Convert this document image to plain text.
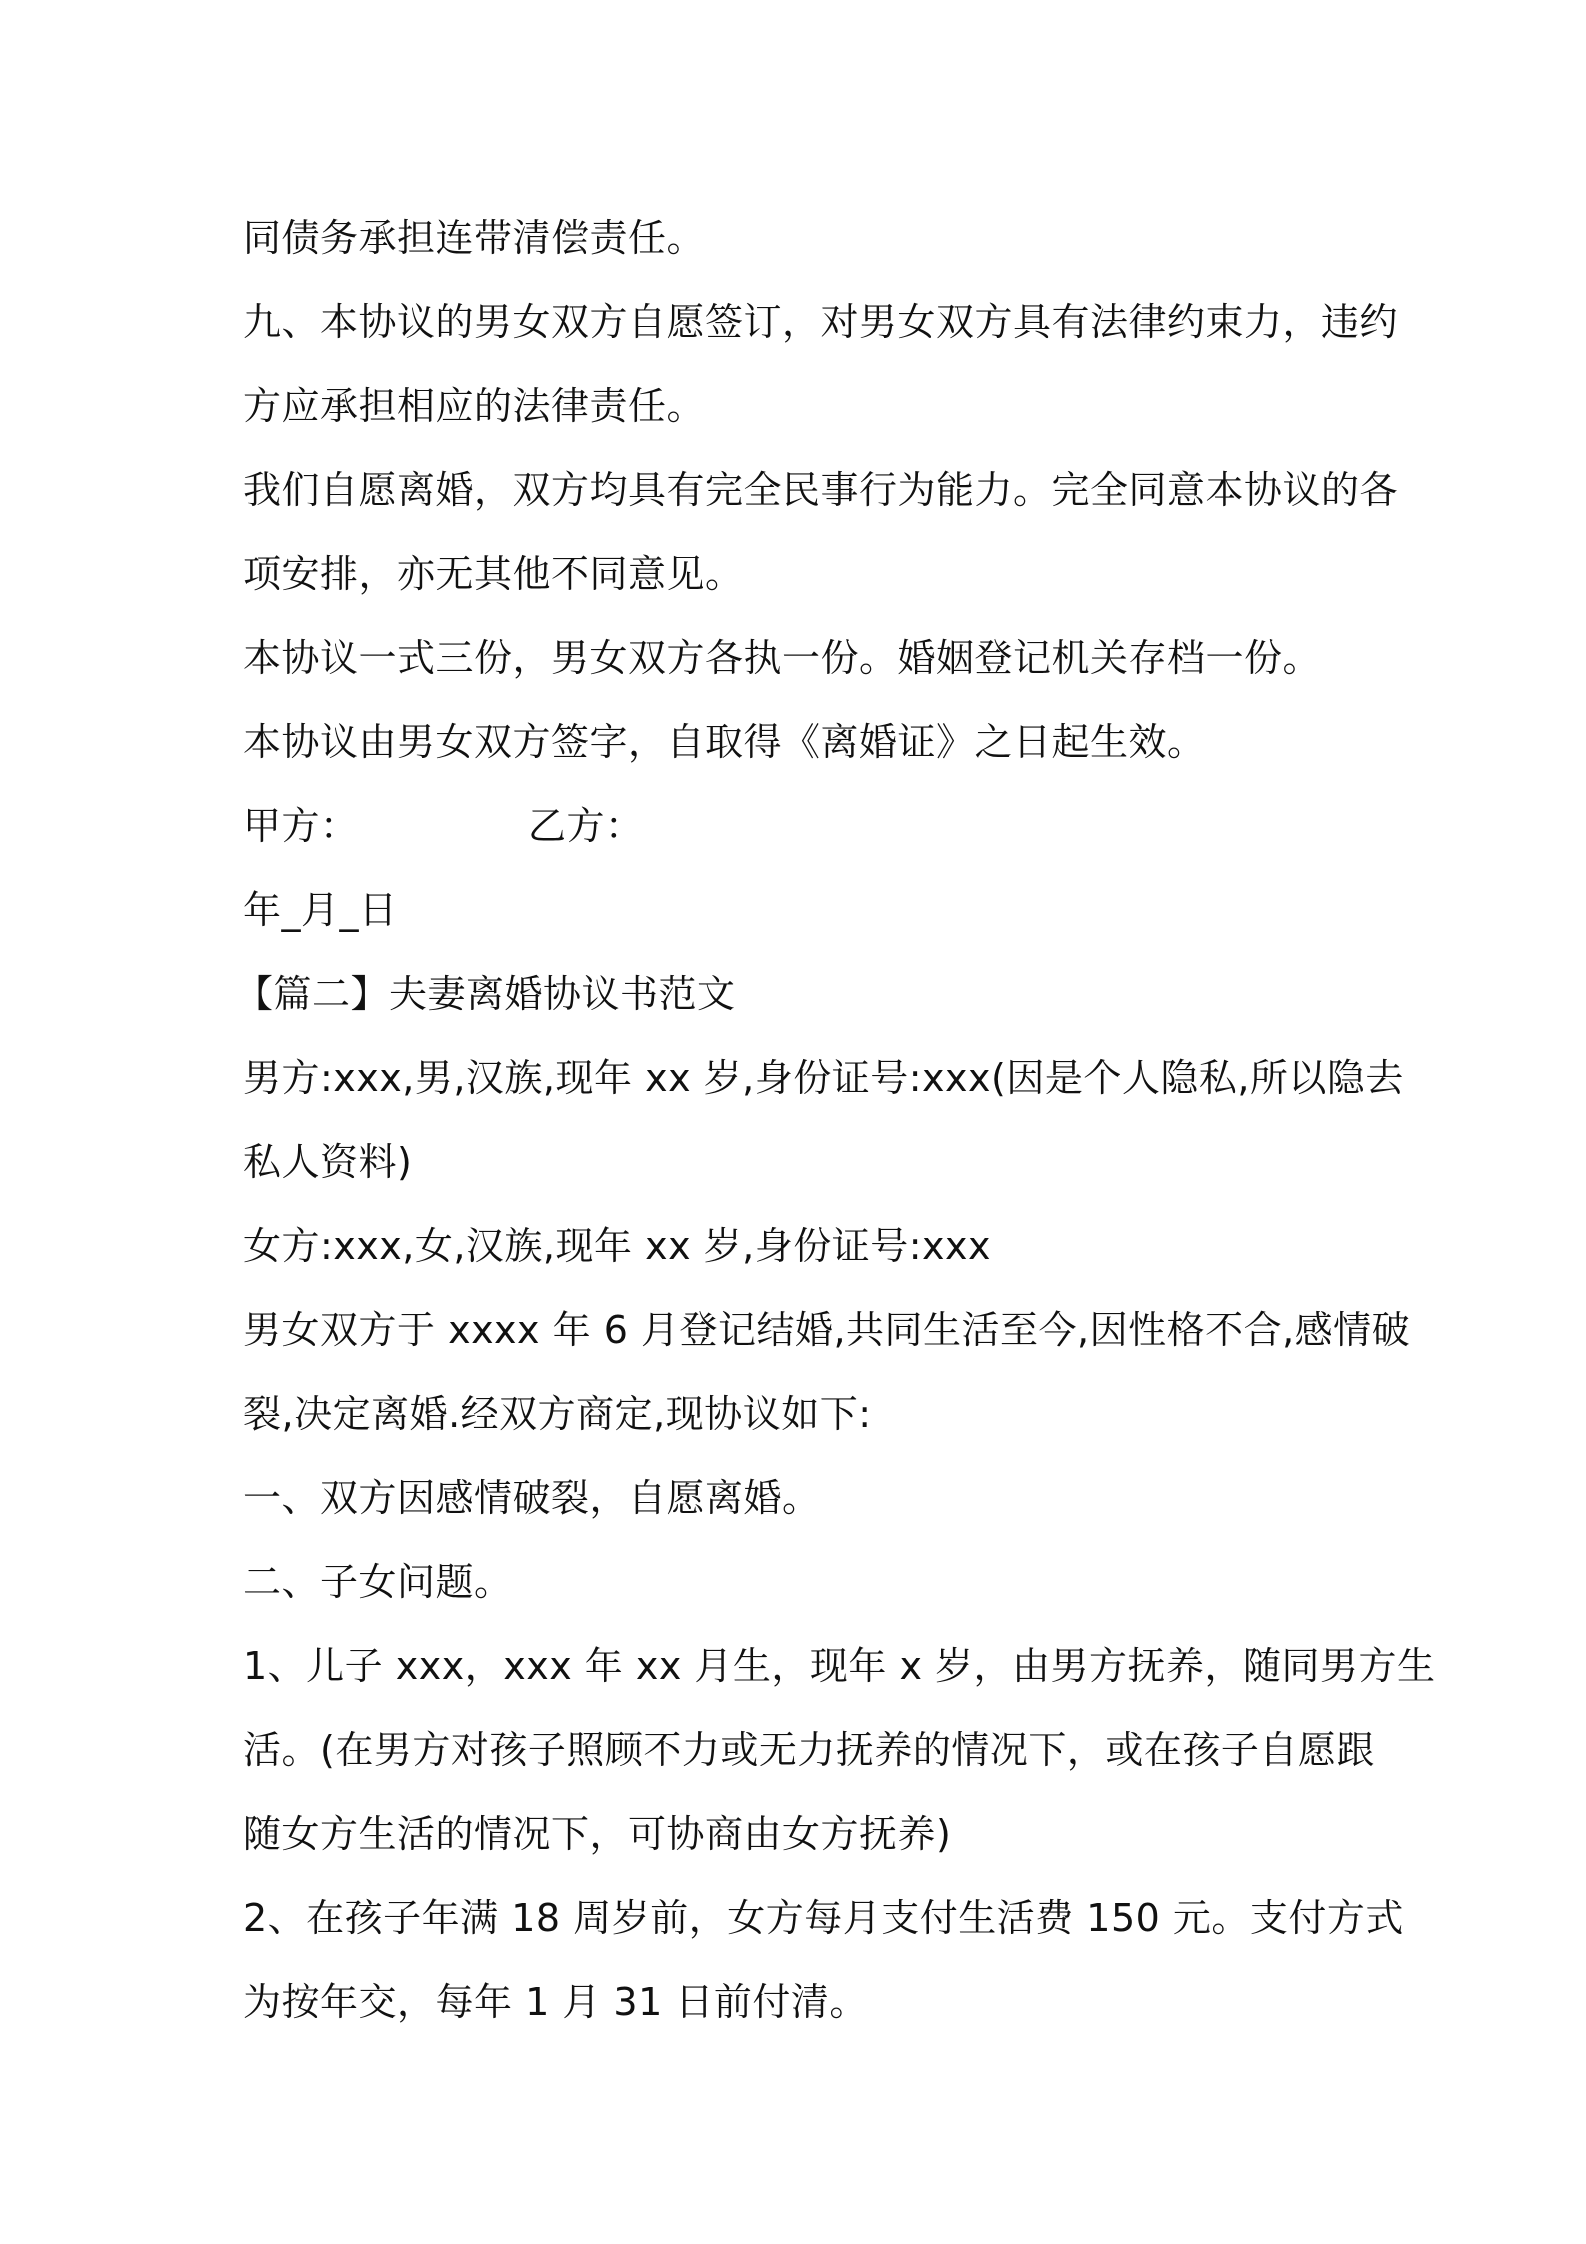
同债务承担连带清偿责任。
九、本协议的男女双方自愿签订，对男女双方具有法律约束力，违约
方应承担相应的法律责任。
我们自愿离婚，双方均具有完全民事行为能力。完全同意本协议的各
项安排，亦无其他不同意见。
本协议一式三份，男女双方各执一份。婚姻登记机关存档一份。
本协议由男女双方签字，自取得《离婚证》之日起生效。
甲方：	乙方：
年_月_日
【篇二】夫妻离婚协议书范文
男方:xxx,男,汉族,现年 xx 岁,身份证号:xxx(因是个人隐私,所以隐去
私人资料)
女方:xxx,女,汉族,现年 xx 岁,身份证号:xxx
男女双方于 xxxx 年 6 月登记结婚,共同生活至今,因性格不合,感情破
裂,决定离婚.经双方商定,现协议如下:
一、双方因感情破裂，自愿离婚。
二、子女问题。
1、儿子 xxx，xxx 年 xx 月生，现年 x 岁，由男方抚养，随同男方生
活。(在男方对孩子照顾不力或无力抚养的情况下，或在孩子自愿跟
随女方生活的情况下，可协商由女方抚养)
2、在孩子年满 18 周岁前，女方每月支付生活费 150 元。支付方式
为按年交，每年 1 月 31 日前付清。
